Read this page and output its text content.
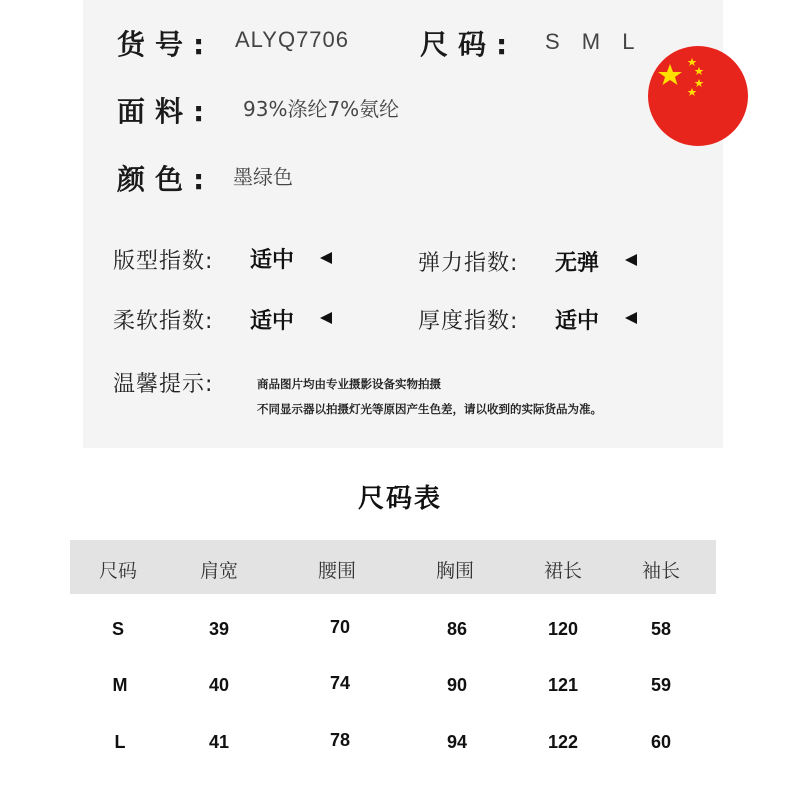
货号: ALYQ7706	尺码: S M L
面料: 93%涤纶7%氨纶
颜色: 墨绿色
版型指数: 适中	弹力指数: 无弹
柔软指数: 适中	厚度指数: 适中
温馨提示:	商品图片均由专业摄影设备实物拍摄
不同显示器以拍摄灯光等原因产生色差，请以收到的实际货品为准。
尺码表
尺码	肩宽	腰围	胸围	裙长	袖长
S	39	70	86	120	58
M	40	74	90	121	59
L	41	78	94	122	60
